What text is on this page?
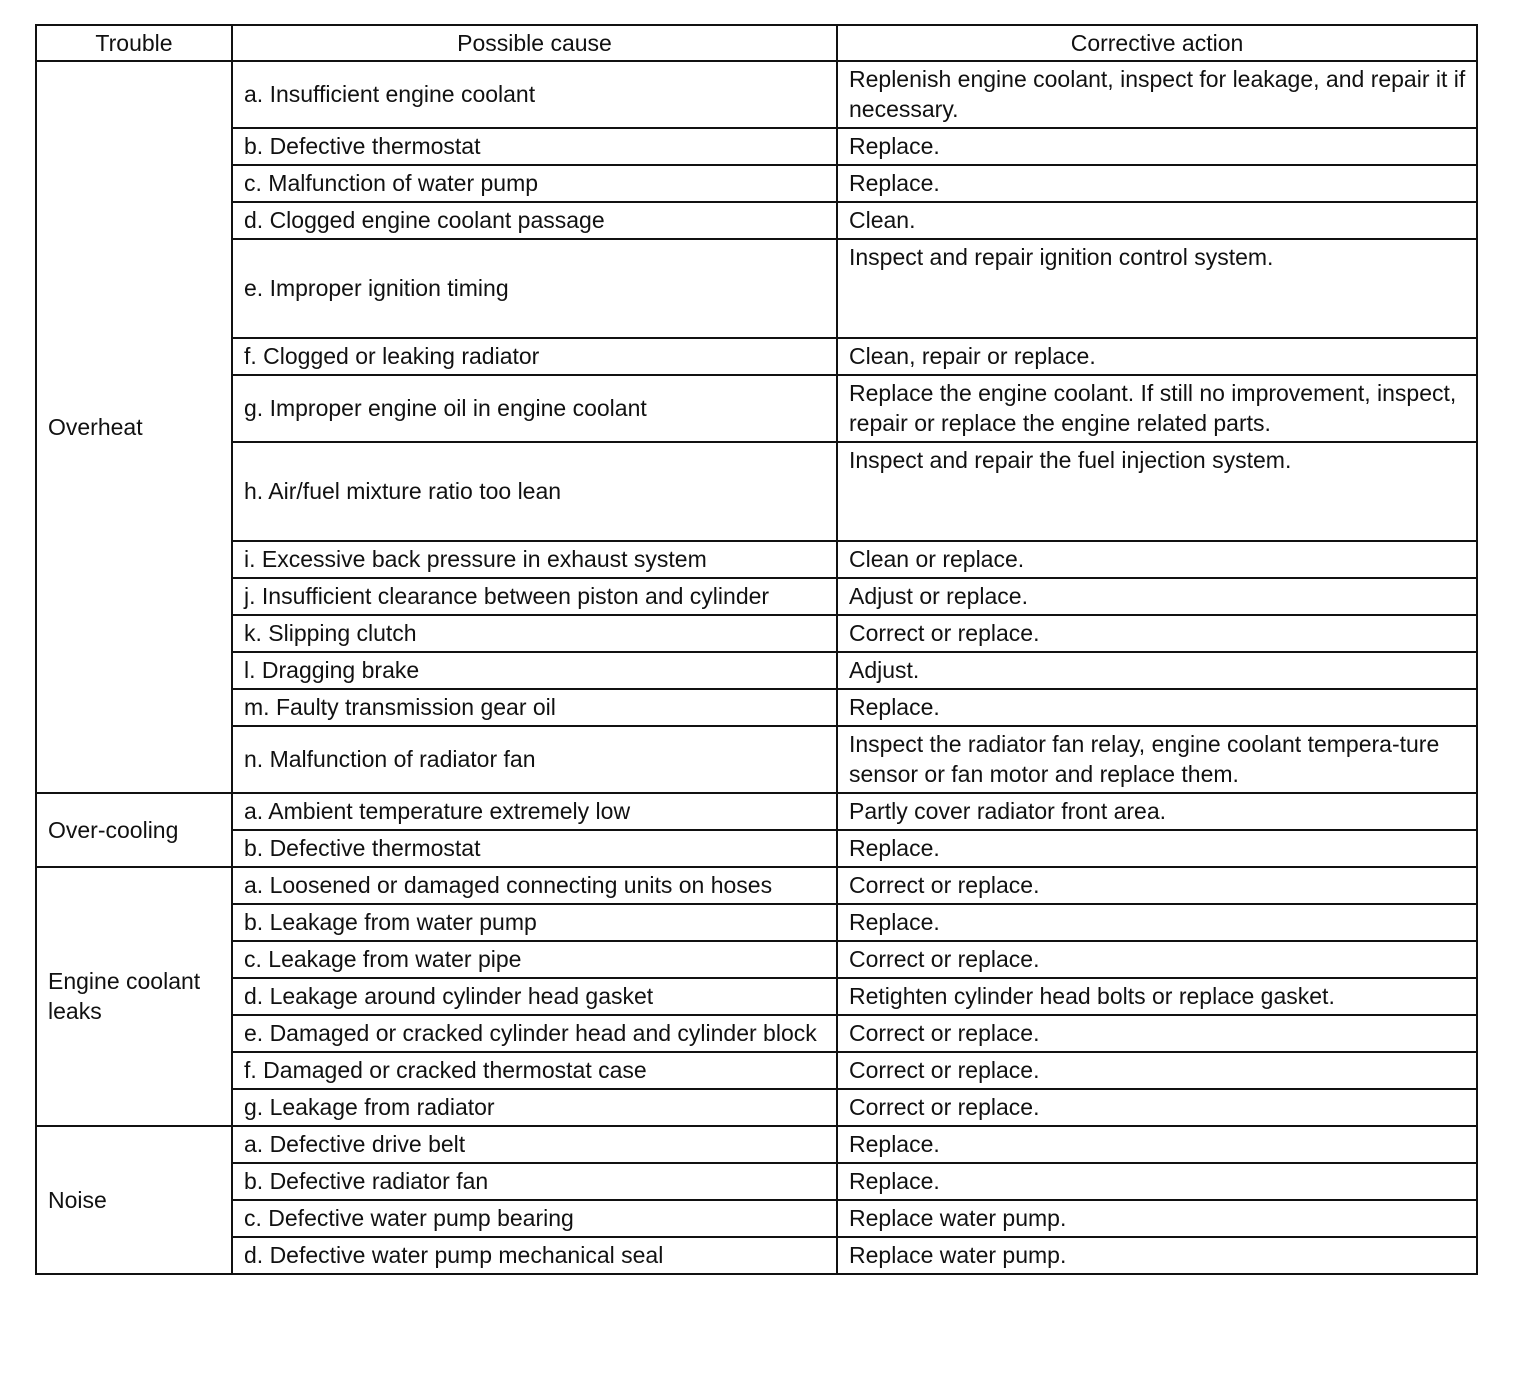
Trouble	Possible cause	Corrective action
Overheat	a. Insufficient engine coolant	Replenish engine coolant, inspect for leakage, and repair it if necessary.
	b. Defective thermostat	Replace.
	c. Malfunction of water pump	Replace.
	d. Clogged engine coolant passage	Clean.
	e. Improper ignition timing	Inspect and repair ignition control system.
	f. Clogged or leaking radiator	Clean, repair or replace.
	g. Improper engine oil in engine coolant	Replace the engine coolant. If still no improvement, inspect, repair or replace the engine related parts.
	h. Air/fuel mixture ratio too lean	Inspect and repair the fuel injection system.
	i. Excessive back pressure in exhaust system	Clean or replace.
	j. Insufficient clearance between piston and cylinder	Adjust or replace.
	k. Slipping clutch	Correct or replace.
	l. Dragging brake	Adjust.
	m. Faulty transmission gear oil	Replace.
	n. Malfunction of radiator fan	Inspect the radiator fan relay, engine coolant tempera-ture sensor or fan motor and replace them.
Over-cooling	a. Ambient temperature extremely low	Partly cover radiator front area.
	b. Defective thermostat	Replace.
Engine coolant leaks	a. Loosened or damaged connecting units on hoses	Correct or replace.
	b. Leakage from water pump	Replace.
	c. Leakage from water pipe	Correct or replace.
	d. Leakage around cylinder head gasket	Retighten cylinder head bolts or replace gasket.
	e. Damaged or cracked cylinder head and cylinder block	Correct or replace.
	f. Damaged or cracked thermostat case	Correct or replace.
	g. Leakage from radiator	Correct or replace.
Noise	a. Defective drive belt	Replace.
	b. Defective radiator fan	Replace.
	c. Defective water pump bearing	Replace water pump.
	d. Defective water pump mechanical seal	Replace water pump.
